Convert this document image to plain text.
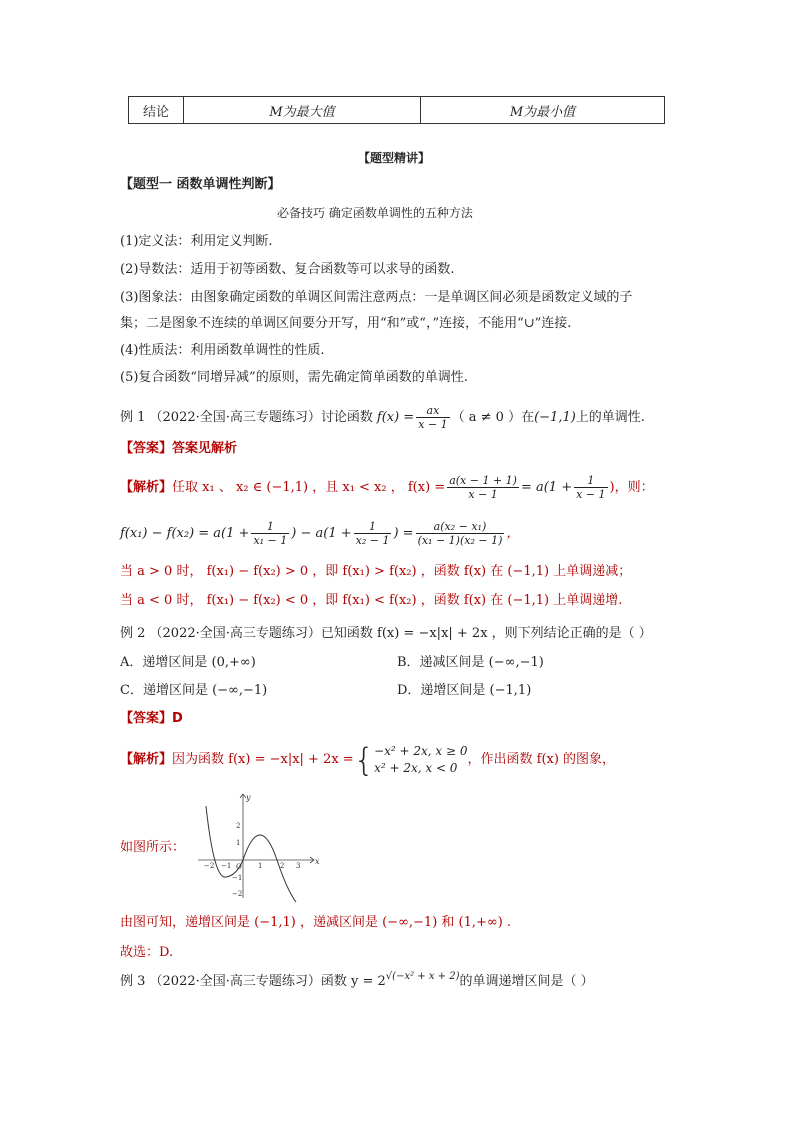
结论	M为最大值	M为最小值
【题型精讲】
【题型一 函数单调性判断】
必备技巧 确定函数单调性的五种方法
(1)定义法：利用定义判断.
(2)导数法：适用于初等函数、复合函数等可以求导的函数.
(3)图象法：由图象确定函数的单调区间需注意两点：一是单调区间必须是函数定义域的子
集；二是图象不连续的单调区间要分开写，用“和”或“，”连接，不能用“∪”连接.
(4)性质法：利用函数单调性的性质.
(5)复合函数“同增异减”的原则，需先确定简单函数的单调性.
例 1 （2022·全国·高三专题练习）讨论函数 $f(x) = \frac{ax}{x - 1}$ （ a ≠ 0 ）在 (−1,1) 上的单调性.
【答案】答案见解析
【解析】 任取 x₁ 、 x₂ ∈ (−1,1) ，且 x₁ < x₂ ， $f(x) = \frac{a(x - 1 + 1)}{x - 1} = a(1 + \frac{1}{x - 1}$ )，则：
$f(x_1) - f(x_2) = a(1 + \frac{1}{\text{x₁ − 1}}$ ) − $a(1 + \frac{1}{\text{x₂ − 1}}$ ) = $\frac{\text{a(x₂ − x₁)}}{\text{(x₁ − 1)(x₂ − 1)}}$ ，
当 a > 0 时， f(x₁) − f(x₂) > 0 ，即 f(x₁) > f(x₂) ，函数 f(x) 在 (−1,1) 上单调递减；
当 a < 0 时， f(x₁) − f(x₂) < 0 ，即 f(x₁) < f(x₂) ，函数 f(x) 在 (−1,1) 上单调递增.
例 2 （2022·全国·高三专题练习）已知函数 f(x) = −x|x| + 2x ，则下列结论正确的是（ ）
A．递增区间是 (0,+∞)	B．递减区间是 (−∞,−1)
C．递增区间是 (−∞,−1)	D．递增区间是 (−1,1)
【答案】D
【解析】 因为函数 f(x) = −x|x| + 2x = { −x² + 2x, x ≥ 0
x² + 2x, x < 0
，作出函数 f(x) 的图象，
如图所示：
x
y
O
−2 −1	1	2 3
2
1
−1
−2
由图可知，递增区间是 (−1,1) ，递减区间是 (−∞,−1) 和 (1,+∞) .
故选：D.
例 3 （2022·全国·高三专题练习）函数 y = 2 √(−x² + x + 2) 的单调递增区间是（ ）
